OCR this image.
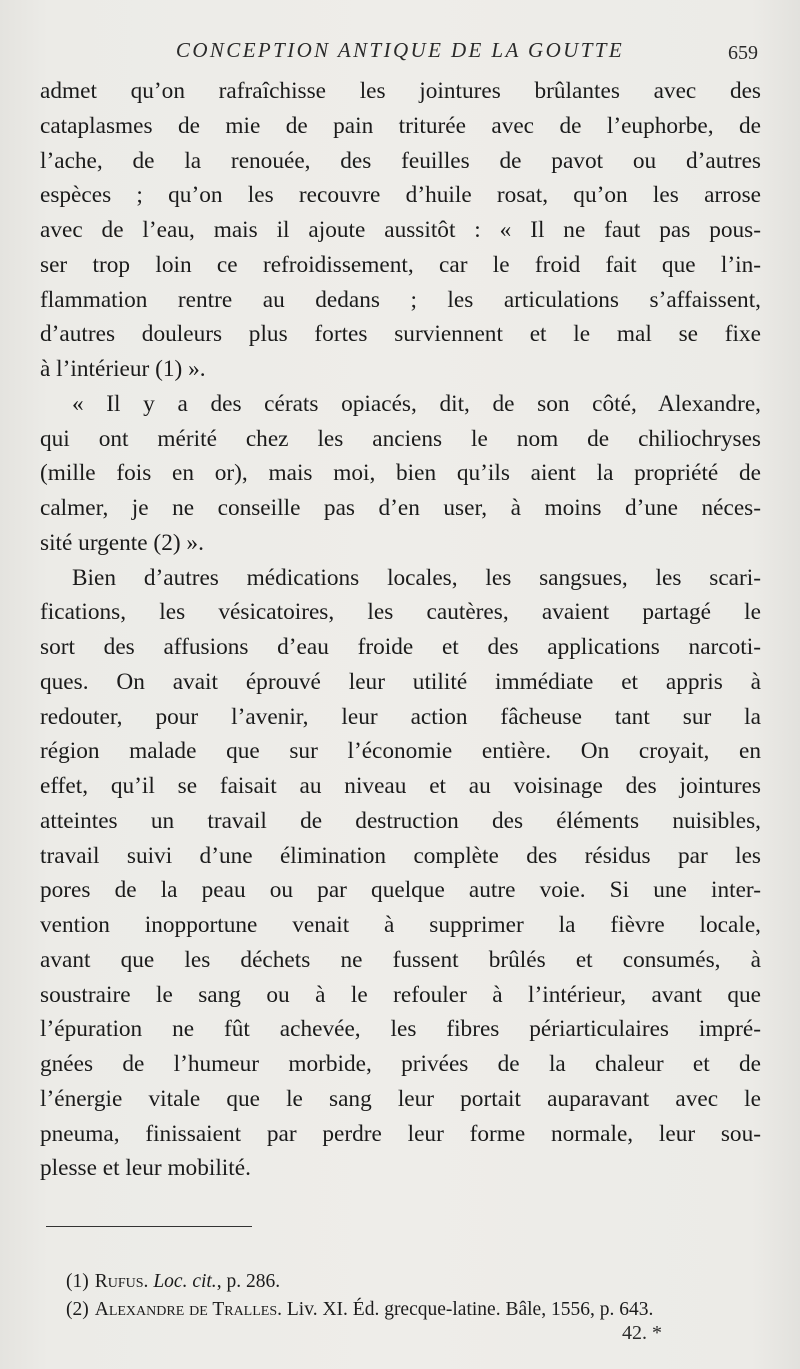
CONCEPTION ANTIQUE DE LA GOUTTE	659
admet qu’on rafraîchisse les jointures brûlantes avec des
cataplasmes de mie de pain triturée avec de l’euphorbe, de
l’ache, de la renouée, des feuilles de pavot ou d’autres
espèces ; qu’on les recouvre d’huile rosat, qu’on les arrose
avec de l’eau, mais il ajoute aussitôt : « Il ne faut pas pous-
ser trop loin ce refroidissement, car le froid fait que l’in-
flammation rentre au dedans ; les articulations s’affaissent,
d’autres douleurs plus fortes surviennent et le mal se fixe
à l’intérieur (1) ».
« Il y a des cérats opiacés, dit, de son côté, Alexandre,
qui ont mérité chez les anciens le nom de chiliochryses
(mille fois en or), mais moi, bien qu’ils aient la propriété de
calmer, je ne conseille pas d’en user, à moins d’une néces-
sité urgente (2) ».
Bien d’autres médications locales, les sangsues, les scari-
fications, les vésicatoires, les cautères, avaient partagé le
sort des affusions d’eau froide et des applications narcoti-
ques. On avait éprouvé leur utilité immédiate et appris à
redouter, pour l’avenir, leur action fâcheuse tant sur la
région malade que sur l’économie entière. On croyait, en
effet, qu’il se faisait au niveau et au voisinage des jointures
atteintes un travail de destruction des éléments nuisibles,
travail suivi d’une élimination complète des résidus par les
pores de la peau ou par quelque autre voie. Si une inter-
vention inopportune venait à supprimer la fièvre locale,
avant que les déchets ne fussent brûlés et consumés, à
soustraire le sang ou à le refouler à l’intérieur, avant que
l’épuration ne fût achevée, les fibres périarticulaires impré-
gnées de l’humeur morbide, privées de la chaleur et de
l’énergie vitale que le sang leur portait auparavant avec le
pneuma, finissaient par perdre leur forme normale, leur sou-
plesse et leur mobilité.
(1) Rufus. Loc. cit., p. 286.
(2) Alexandre de Tralles. Liv. XI. Éd. grecque-latine. Bâle, 1556, p. 643.
42. *
